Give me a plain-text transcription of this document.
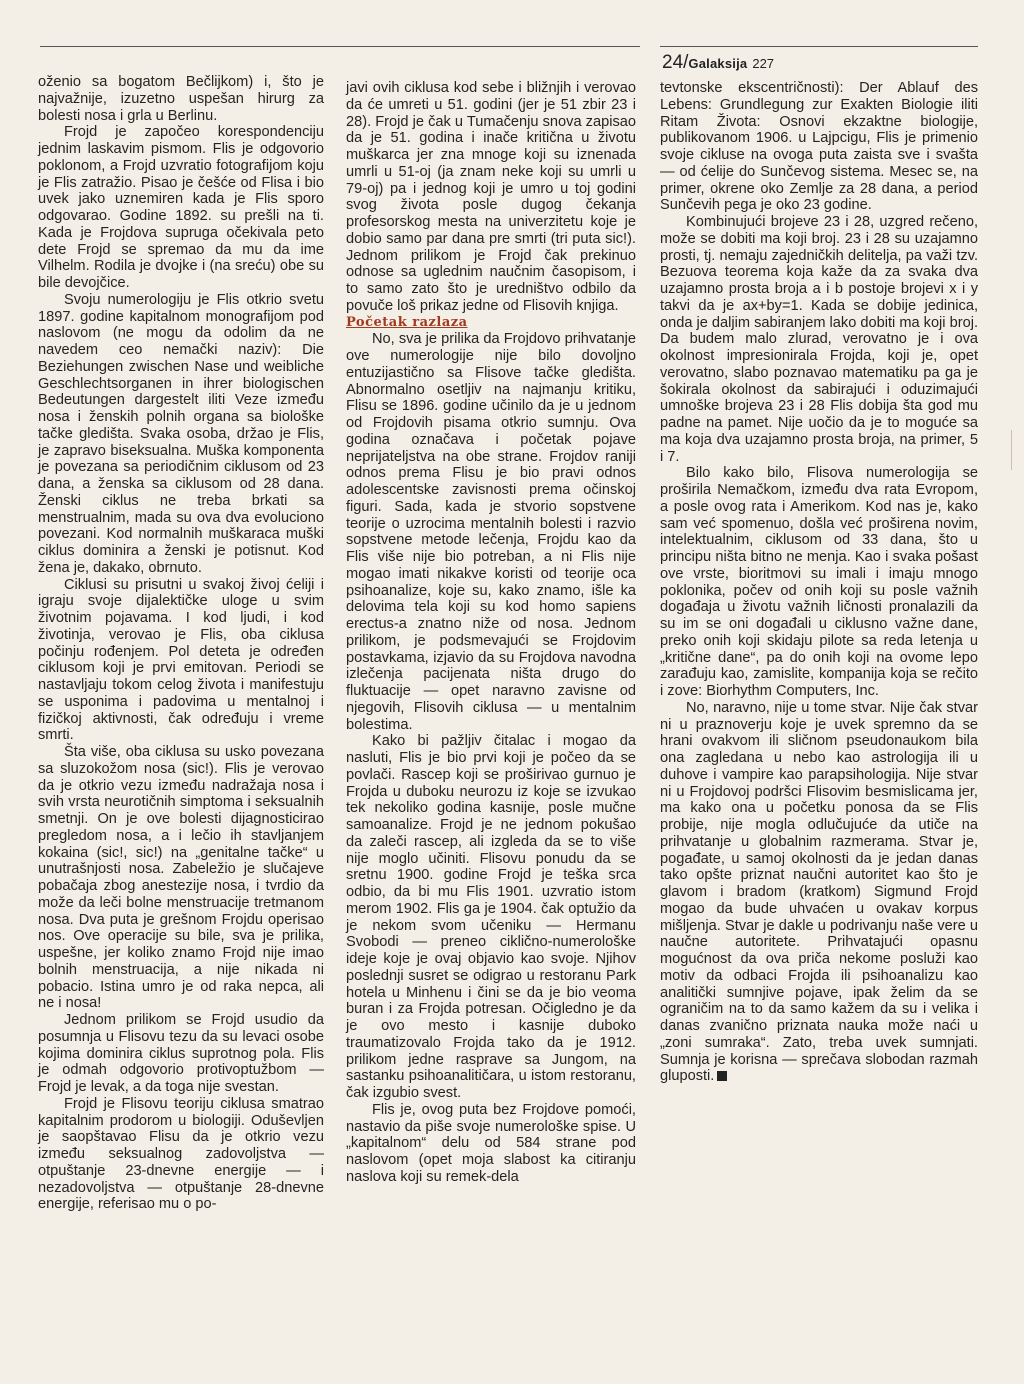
24/Galaksija 227

oženio sa bogatom Bečlijkom) i, što je najvažnije, izuzetno uspešan hirurg za bolesti nosa i grla u Berlinu.

Frojd je započeo korespondenciju jednim laskavim pismom. Flis je odgovorio poklonom, a Frojd uzvratio fotografijom koju je Flis zatražio. Pisao je češće od Flisa i bio uvek jako uznemiren kada je Flis sporo odgovarao. Godine 1892. su prešli na ti. Kada je Frojdova supruga očekivala peto dete Frojd se spremao da mu da ime Vilhelm. Rodila je dvojke i (na sreću) obe su bile devojčice.

Svoju numerologiju je Flis otkrio svetu 1897. godine kapitalnom monografijom pod naslovom (ne mogu da odolim da ne navedem ceo nemački naziv): Die Beziehungen zwischen Nase und weibliche Geschlechtsorganen in ihrer biologischen Bedeutungen dargestelt iliti Veze između nosa i ženskih polnih organa sa biološke tačke gledišta. Svaka osoba, držao je Flis, je zapravo biseksualna. Muška komponenta je povezana sa periodičnim ciklusom od 23 dana, a ženska sa ciklusom od 28 dana. Ženski ciklus ne treba brkati sa menstrualnim, mada su ova dva evoluciono povezani. Kod normalnih muškaraca muški ciklus dominira a ženski je potisnut. Kod žena je, dakako, obrnuto.

Ciklusi su prisutni u svakoj živoj ćeliji i igraju svoje dijalektičke uloge u svim životnim pojavama. I kod ljudi, i kod životinja, verovao je Flis, oba ciklusa počinju rođenjem. Pol deteta je određen ciklusom koji je prvi emitovan. Periodi se nastavljaju tokom celog života i manifestuju se usponima i padovima u mentalnoj i fizičkoj aktivnosti, čak određuju i vreme smrti.

Šta više, oba ciklusa su usko povezana sa sluzokožom nosa (sic!). Flis je verovao da je otkrio vezu između nadražaja nosa i svih vrsta neurotičnih simptoma i seksualnih smetnji. On je ove bolesti dijagnosticirao pregledom nosa, a i lečio ih stavljanjem kokaina (sic!, sic!) na „genitalne tačke“ u unutrašnjosti nosa. Zabeležio je slučajeve pobačaja zbog anestezije nosa, i tvrdio da može da leči bolne menstruacije tretmanom nosa. Dva puta je grešnom Frojdu operisao nos. Ove operacije su bile, sva je prilika, uspešne, jer koliko znamo Frojd nije imao bolnih menstruacija, a nije nikada ni pobacio. Istina umro je od raka nepca, ali ne i nosa!

Jednom prilikom se Frojd usudio da posumnja u Flisovu tezu da su levaci osobe kojima dominira ciklus suprotnog pola. Flis je odmah odgovorio protivoptužbom — Frojd je levak, a da toga nije svestan.

Frojd je Flisovu teoriju ciklusa smatrao kapitalnim prodorom u biologiji. Oduševljen je saopštavao Flisu da je otkrio vezu između seksualnog zadovoljstva — otpuštanje 23-dnevne energije — i nezadovoljstva — otpuštanje 28-dnevne energije, referisao mu o po-

javi ovih ciklusa kod sebe i bližnjih i verovao da će umreti u 51. godini (jer je 51 zbir 23 i 28). Frojd je čak u Tumačenju snova zapisao da je 51. godina i inače kritična u životu muškarca jer zna mnoge koji su iznenada umrli u 51-oj (ja znam neke koji su umrli u 79-oj) pa i jednog koji je umro u toj godini svog života posle dugog čekanja profesorskog mesta na univerzitetu koje je dobio samo par dana pre smrti (tri puta sic!). Jednom prilikom je Frojd čak prekinuo odnose sa uglednim naučnim časopisom, i to samo zato što je uredništvo odbilo da povuče loš prikaz jedne od Flisovih knjiga.

Početak razlaza

No, sva je prilika da Frojdovo prihvatanje ove numerologije nije bilo dovoljno entuzijastično sa Flisove tačke gledišta. Abnormalno osetljiv na najmanju kritiku, Flisu se 1896. godine učinilo da je u jednom od Frojdovih pisama otkrio sumnju. Ova godina označava i početak pojave neprijateljstva na obe strane. Frojdov raniji odnos prema Flisu je bio pravi odnos adolescentske zavisnosti prema očinskoj figuri. Sada, kada je stvorio sopstvene teorije o uzrocima mentalnih bolesti i razvio sopstvene metode lečenja, Frojdu kao da Flis više nije bio potreban, a ni Flis nije mogao imati nikakve koristi od teorije oca psihoanalize, koje su, kako znamo, išle ka delovima tela koji su kod homo sapiens erectus-a znatno niže od nosa. Jednom prilikom, je podsmevajući se Frojdovim postavkama, izjavio da su Frojdova navodna izlečenja pacijenata ništa drugo do fluktuacije — opet naravno zavisne od njegovih, Flisovih ciklusa — u mentalnim bolestima.

Kako bi pažljiv čitalac i mogao da nasluti, Flis je bio prvi koji je počeo da se povlači. Rascep koji se proširivao gurnuo je Frojda u duboku neurozu iz koje se izvukao tek nekoliko godina kasnije, posle mučne samoanalize. Frojd je ne jednom pokušao da zaleči rascep, ali izgleda da se to više nije moglo učiniti. Flisovu ponudu da se sretnu 1900. godine Frojd je teška srca odbio, da bi mu Flis 1901. uzvratio istom merom 1902. Flis ga je 1904. čak optužio da je nekom svom učeniku — Hermanu Svobodi — preneo ciklično-numerološke ideje koje je ovaj objavio kao svoje. Njihov poslednji susret se odigrao u restoranu Park hotela u Minhenu i čini se da je bio veoma buran i za Frojda potresan. Očigledno je da je ovo mesto i kasnije duboko traumatizovalo Frojda tako da je 1912. prilikom jedne rasprave sa Jungom, na sastanku psihoanalitičara, u istom restoranu, čak izgubio svest.

Flis je, ovog puta bez Frojdove pomoći, nastavio da piše svoje numerološke spise. U „kapitalnom“ delu od 584 strane pod naslovom (opet moja slabost ka citiranju naslova koji su remek-dela

tevtonske ekscentričnosti): Der Ablauf des Lebens: Grundlegung zur Exakten Biologie iliti Ritam Života: Osnovi ekzaktne biologije, publikovanom 1906. u Lajpcigu, Flis je primenio svoje cikluse na ovoga puta zaista sve i svašta — od ćelije do Sunčevog sistema. Mesec se, na primer, okrene oko Zemlje za 28 dana, a period Sunčevih pega je oko 23 godine.

Kombinujući brojeve 23 i 28, uzgred rečeno, može se dobiti ma koji broj. 23 i 28 su uzajamno prosti, tj. nemaju zajedničkih delitelja, pa važi tzv. Bezuova teorema koja kaže da za svaka dva uzajamno prosta broja a i b postoje brojevi x i y takvi da je ax+by=1. Kada se dobije jedinica, onda je daljim sabiranjem lako dobiti ma koji broj. Da budem malo zlurad, verovatno je i ova okolnost impresionirala Frojda, koji je, opet verovatno, slabo poznavao matematiku pa ga je šokirala okolnost da sabirajući i oduzimajući umnoške brojeva 23 i 28 Flis dobija šta god mu padne na pamet. Nije uočio da je to moguće sa ma koja dva uzajamno prosta broja, na primer, 5 i 7.

Bilo kako bilo, Flisova numerologija se proširila Nemačkom, između dva rata Evropom, a posle ovog rata i Amerikom. Kod nas je, kako sam već spomenuo, došla već proširena novim, intelektualnim, ciklusom od 33 dana, što u principu ništa bitno ne menja. Kao i svaka pošast ove vrste, bioritmovi su imali i imaju mnogo poklonika, počev od onih koji su posle važnih događaja u životu važnih ličnosti pronalazili da su im se oni događali u ciklusno važne dane, preko onih koji skidaju pilote sa reda letenja u „kritične dane“, pa do onih koji na ovome lepo zarađuju kao, zamislite, kompanija koja se rečito i zove: Biorhythm Computers, Inc.

No, naravno, nije u tome stvar. Nije čak stvar ni u praznoverju koje je uvek spremno da se hrani ovakvom ili sličnom pseudonaukom bila ona zagledana u nebo kao astrologija ili u duhove i vampire kao parapsihologija. Nije stvar ni u Frojdovoj podršci Flisovim besmislicama jer, ma kako ona u početku ponosa da se Flis probije, nije mogla odlučujuće da utiče na prihvatanje u globalnim razmerama. Stvar je, pogađate, u samoj okolnosti da je jedan danas tako opšte priznat naučni autoritet kao što je glavom i bradom (kratkom) Sigmund Frojd mogao da bude uhvaćen u ovakav korpus mišljenja. Stvar je dakle u podrivanju naše vere u naučne autoritete. Prihvatajući opasnu mogućnost da ova priča nekome posluži kao motiv da odbaci Frojda ili psihoanalizu kao analitički sumnjive pojave, ipak želim da se ograničim na to da samo kažem da su i velika i danas zvanično priznata nauka može naći u „zoni sumraka“. Zato, treba uvek sumnjati. Sumnja je korisna — sprečava slobodan razmah gluposti.
